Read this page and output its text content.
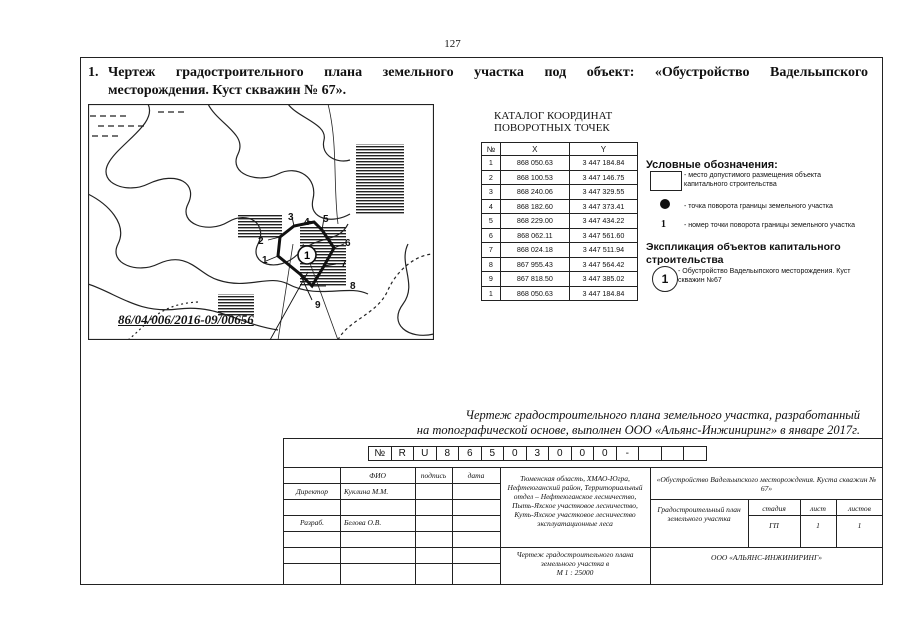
127
1. Чертеж градостроительного плана земельного участка под объект: «Обустройство Вадельыпского
месторождения. Куст скважин № 67».
1
1
2
3 4 5
6
7
8
9
86/04/006/2016-09/00656
КАТАЛОГ КООРДИНАТ
ПОВОРОТНЫХ ТОЧЕК
№	X	Y
1	868 050.63	3 447 184.84
2	868 100.53	3 447 146.75
3	868 240.06	3 447 329.55
4	868 182.60	3 447 373.41
5	868 229.00	3 447 434.22
6	868 062.11	3 447 561.60
7	868 024.18	3 447 511.94
8	867 955.43	3 447 564.42
9	867 818.50	3 447 385.02
1	868 050.63	3 447 184.84
Условные обозначения:
- место допустимого размещения объекта капитального строительства
- точка поворота границы земельного участка
1	- номер точки поворота границы земельного участка
Экспликация объектов капитального строительства
1
- Обустройство Вадельыпского месторождения. Куст скважин №67
Чертеж градостроительного плана земельного участка, разработанный
на топографической основе, выполнен ООО «Альянс-Инжиниринг» в январе 2017г.
№	R	U	8	6	5	0	3	0	0	0	-
ФИО	подпись	дата
Директор	Куклина М.М.
Разраб.	Белова О.В.
Тюменская область, ХМАО-Югра, Нефтеюганский район, Территориальный отдел – Нефтеюганское лесничество, Пыть-Яхское участковое лесничество, Куть-Яхское участковое лесничество эксплуатационные леса
«Обустройство Вадельыпского месторождения. Куста скважин № 67»
Градостроительный план земельного участка
стадия	лист	листов
ГП	1	1
Чертеж градостроительного плана земельного участка в
М 1 : 25000
ООО «АЛЬЯНС-ИНЖИНИРИНГ»
